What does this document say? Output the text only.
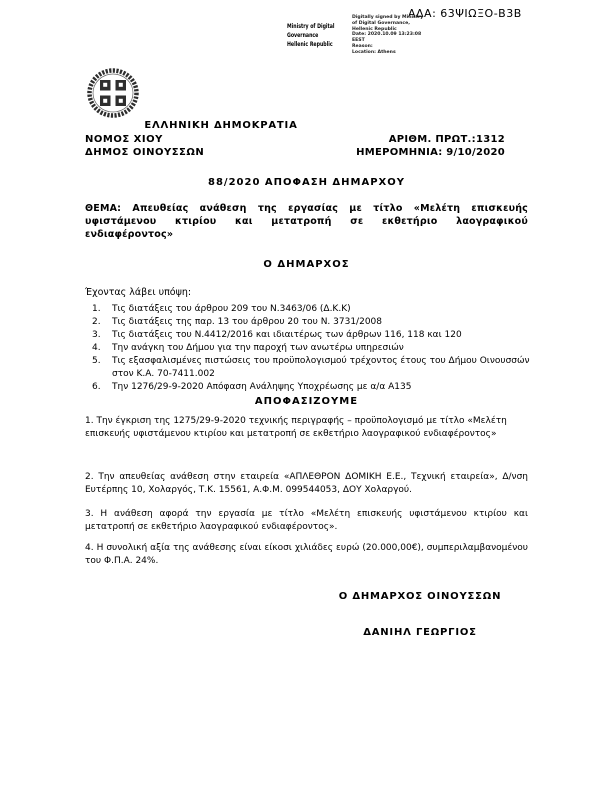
ΑΔΑ: 63ΨΙΩΞΟ-Β3Β
Ministry of Digital
Governance
Hellenic Republic
Digitally signed by Ministry
of Digital Governance,
Hellenic Republic
Date: 2020.10.09 13:23:08
EEST
Reason:
Location: Athens
ΕΛΛΗΝΙΚΗ ΔΗΜΟΚΡΑΤΙΑ
ΝΟΜΟΣ ΧΙΟΥ
ΔΗΜΟΣ ΟΙΝΟΥΣΣΩΝ
ΑΡΙΘΜ. ΠΡΩΤ.:1312
ΗΜΕΡΟΜΗΝΙΑ: 9/10/2020
88/2020 ΑΠΟΦΑΣΗ ΔΗΜΑΡΧΟΥ
ΘΕΜΑ: Απευθείας ανάθεση της εργασίας με τίτλο «Μελέτη επισκευής υφιστάμενου κτιρίου και μετατροπή σε εκθετήριο λαογραφικού ενδιαφέροντος»
Ο ΔΗΜΑΡΧΟΣ
Έχοντας λάβει υπόψη:
1. Τις διατάξεις του άρθρου 209 του Ν.3463/06 (Δ.Κ.Κ)
2. Τις διατάξεις της παρ. 13 του άρθρου 20 του Ν. 3731/2008
3. Τις διατάξεις του Ν.4412/2016 και ιδιαιτέρως των άρθρων 116, 118 και 120
4. Την ανάγκη του Δήμου για την παροχή των ανωτέρω υπηρεσιών
5. Τις εξασφαλισμένες πιστώσεις του προϋπολογισμού τρέχοντος έτους του Δήμου Οινουσσών στον Κ.Α. 70-7411.002
6. Την 1276/29-9-2020 Απόφαση Ανάληψης Υποχρέωσης με α/α Α135
ΑΠΟΦΑΣΙΖΟΥΜΕ

1. Την έγκριση της 1275/29-9-2020 τεχνικής περιγραφής – προϋπολογισμό με τίτλο «Μελέτη επισκευής υφιστάμενου κτιρίου και μετατροπή σε εκθετήριο λαογραφικού ενδιαφέροντος»

2. Την απευθείας ανάθεση στην εταιρεία «ΑΠΛΕΘΡΟΝ ΔΟΜΙΚΗ Ε.Ε., Τεχνική εταιρεία», Δ/νση Ευτέρπης 10, Χολαργός, Τ.Κ. 15561, Α.Φ.Μ. 099544053, ΔΟΥ Χολαργού.

3. Η ανάθεση αφορά την εργασία με τίτλο «Μελέτη επισκευής υφιστάμενου κτιρίου και μετατροπή σε εκθετήριο λαογραφικού ενδιαφέροντος».

4. Η συνολική αξία της ανάθεσης είναι είκοσι χιλιάδες ευρώ (20.000,00€), συμπεριλαμβανομένου του Φ.Π.Α. 24%.

Ο ΔΗΜΑΡΧΟΣ ΟΙΝΟΥΣΣΩΝ
ΔΑΝΙΗΛ ΓΕΩΡΓΙΟΣ
